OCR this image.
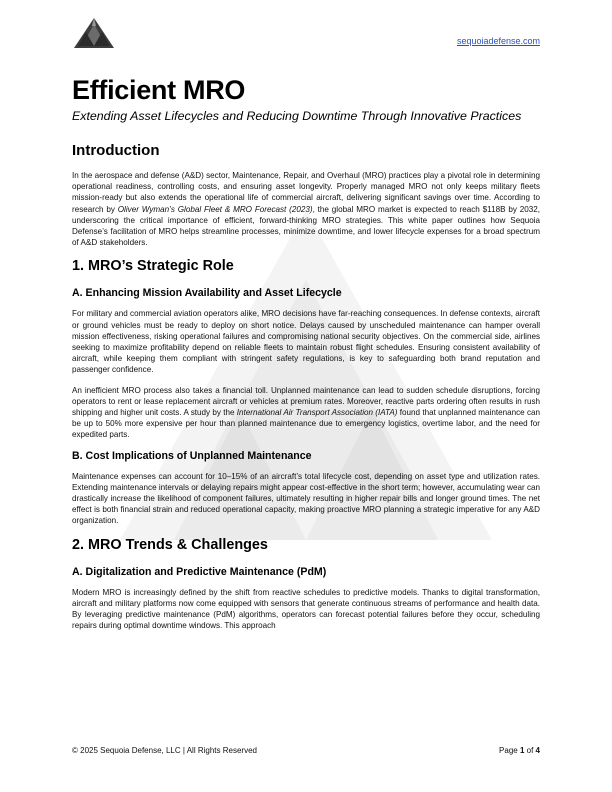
sequoiadefense.com
Efficient MRO
Extending Asset Lifecycles and Reducing Downtime Through Innovative Practices
Introduction

In the aerospace and defense (A&D) sector, Maintenance, Repair, and Overhaul (MRO) practices play a pivotal role in determining operational readiness, controlling costs, and ensuring asset longevity. Properly managed MRO not only keeps military fleets mission-ready but also extends the operational life of commercial aircraft, delivering significant savings over time. According to research by Oliver Wyman’s Global Fleet & MRO Forecast (2023), the global MRO market is expected to reach $118B by 2032, underscoring the critical importance of efficient, forward-thinking MRO strategies. This white paper outlines how Sequoia Defense’s facilitation of MRO helps streamline processes, minimize downtime, and lower lifecycle expenses for a broad spectrum of A&D stakeholders.

1. MRO’s Strategic Role
A. Enhancing Mission Availability and Asset Lifecycle

For military and commercial aviation operators alike, MRO decisions have far-reaching consequences. In defense contexts, aircraft or ground vehicles must be ready to deploy on short notice. Delays caused by unscheduled maintenance can hamper overall mission effectiveness, risking operational failures and compromising national security objectives. On the commercial side, airlines seeking to maximize profitability depend on reliable fleets to maintain robust flight schedules. Ensuring consistent availability of aircraft, while keeping them compliant with stringent safety regulations, is key to safeguarding both brand reputation and passenger confidence.

An inefficient MRO process also takes a financial toll. Unplanned maintenance can lead to sudden schedule disruptions, forcing operators to rent or lease replacement aircraft or vehicles at premium rates. Moreover, reactive parts ordering often results in rush shipping and higher unit costs. A study by the International Air Transport Association (IATA) found that unplanned maintenance can be up to 50% more expensive per hour than planned maintenance due to emergency logistics, overtime labor, and the need for expedited parts.

B. Cost Implications of Unplanned Maintenance

Maintenance expenses can account for 10–15% of an aircraft’s total lifecycle cost, depending on asset type and utilization rates. Extending maintenance intervals or delaying repairs might appear cost-effective in the short term; however, accumulating wear can drastically increase the likelihood of component failures, ultimately resulting in higher repair bills and longer ground times. The net effect is both financial strain and reduced operational capacity, making proactive MRO planning a strategic imperative for any A&D organization.

2. MRO Trends & Challenges
A. Digitalization and Predictive Maintenance (PdM)

Modern MRO is increasingly defined by the shift from reactive schedules to predictive models. Thanks to digital transformation, aircraft and military platforms now come equipped with sensors that generate continuous streams of performance and health data. By leveraging predictive maintenance (PdM) algorithms, operators can forecast potential failures before they occur, scheduling repairs during optimal downtime windows. This approach

© 2025 Sequoia Defense, LLC | All Rights Reserved	Page 1 of 4
